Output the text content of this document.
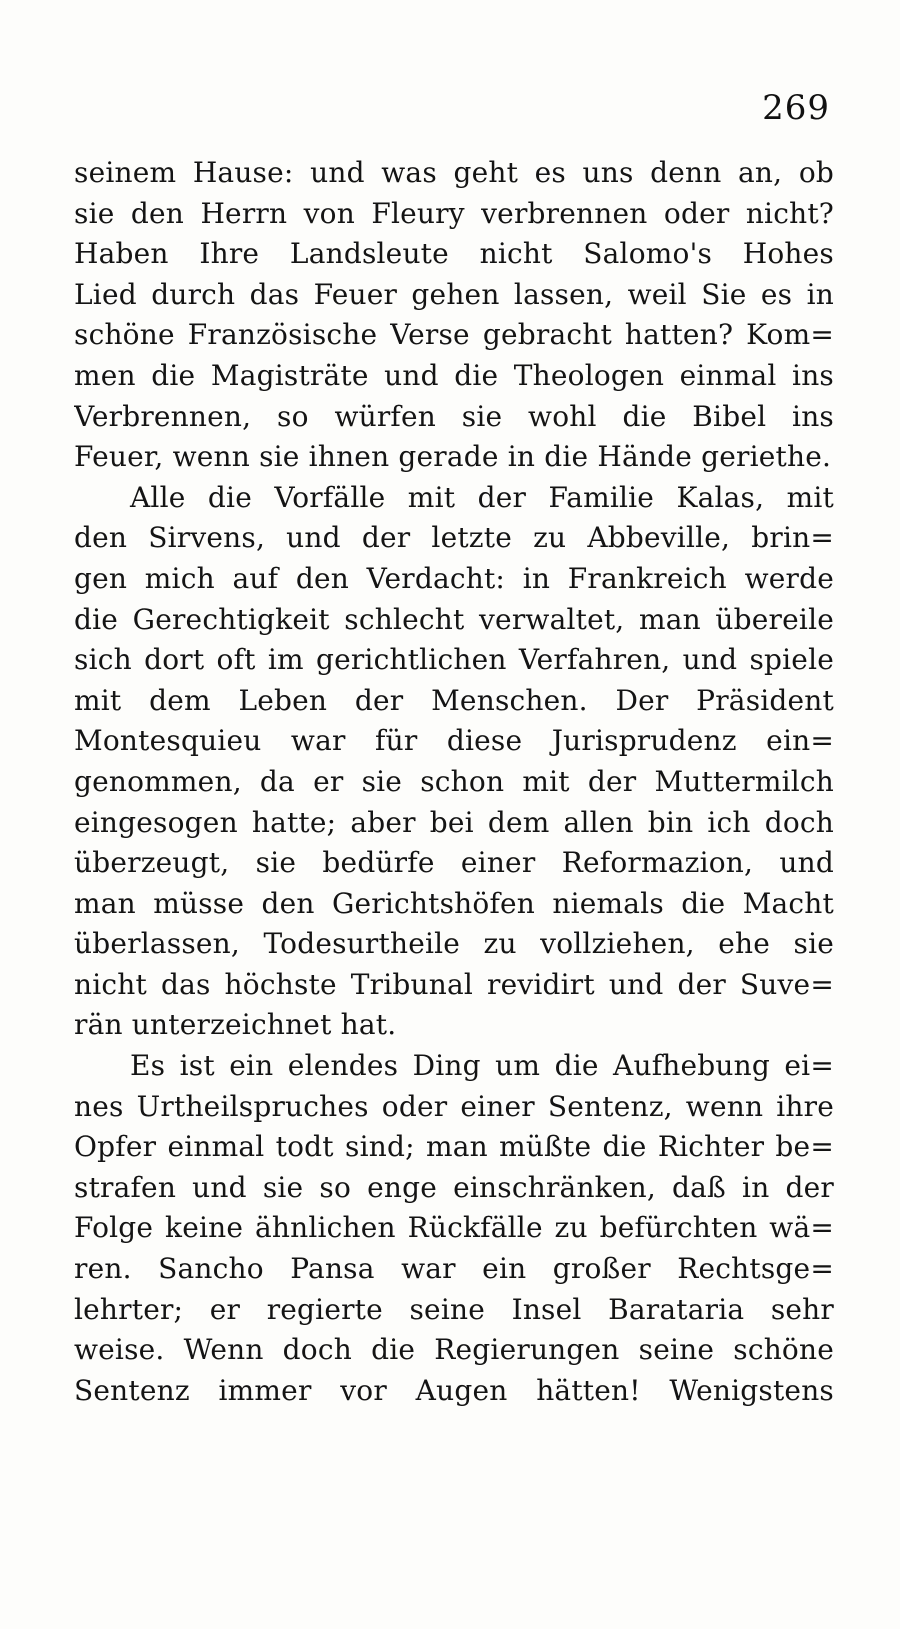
269
seinem Hause: und was geht es uns denn an, ob
sie den Herrn von Fleury verbrennen oder nicht?
Haben Ihre Landsleute nicht Salomo's Hohes
Lied durch das Feuer gehen lassen, weil Sie es in
schöne Französische Verse gebracht hatten? Kom=
men die Magisträte und die Theologen einmal ins
Verbrennen, so würfen sie wohl die Bibel ins
Feuer, wenn sie ihnen gerade in die Hände geriethe.
Alle die Vorfälle mit der Familie Kalas, mit
den Sirvens, und der letzte zu Abbeville, brin=
gen mich auf den Verdacht: in Frankreich werde
die Gerechtigkeit schlecht verwaltet, man übereile
sich dort oft im gerichtlichen Verfahren, und spiele
mit dem Leben der Menschen. Der Präsident
Montesquieu war für diese Jurisprudenz ein=
genommen, da er sie schon mit der Muttermilch
eingesogen hatte; aber bei dem allen bin ich doch
überzeugt, sie bedürfe einer Reformazion, und
man müsse den Gerichtshöfen niemals die Macht
überlassen, Todesurtheile zu vollziehen, ehe sie
nicht das höchste Tribunal revidirt und der Suve=
rän unterzeichnet hat.
Es ist ein elendes Ding um die Aufhebung ei=
nes Urtheilspruches oder einer Sentenz, wenn ihre
Opfer einmal todt sind; man müßte die Richter be=
strafen und sie so enge einschränken, daß in der
Folge keine ähnlichen Rückfälle zu befürchten wä=
ren. Sancho Pansa war ein großer Rechtsge=
lehrter; er regierte seine Insel Barataria sehr
weise. Wenn doch die Regierungen seine schöne
Sentenz immer vor Augen hätten! Wenigstens
